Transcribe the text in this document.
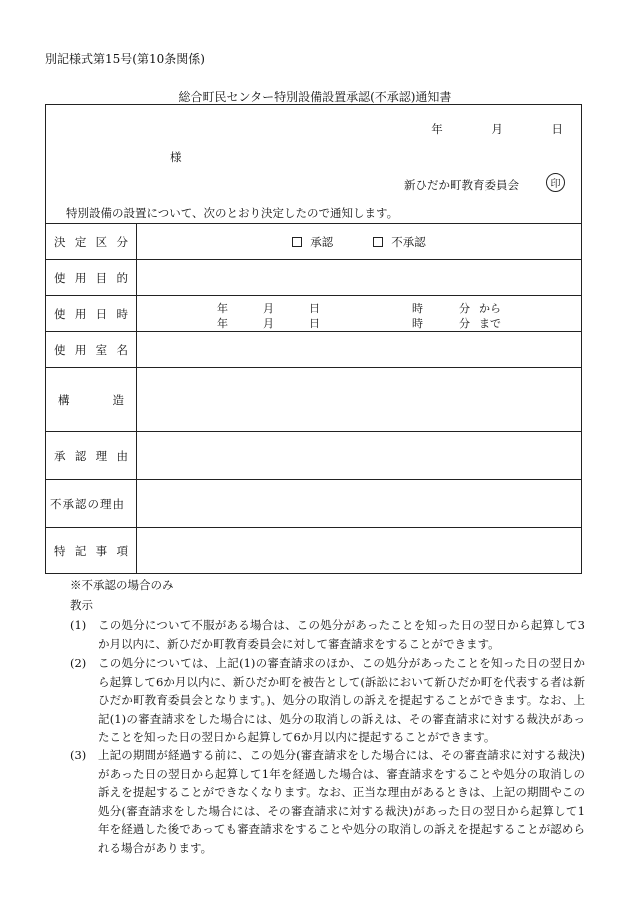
別記様式第15号(第10条関係)
総合町民センター特別設備設置承認(不承認)通知書
年	月	日
様
新ひだか町教育委員会	印
特別設備の設置について、次のとおり決定したので通知します。
決 定 区 分	承認	不承認
使 用 目 的
使 用 日 時	年	月	日	時	分 から
年	月	日	時	分 まで
使 用 室 名
構	造
承 認 理 由
不承認の理由
特 記 事 項
※不承認の場合のみ
教示
(1) この処分について不服がある場合は、この処分があったことを知った日の翌日から起算して3か月以内に、新ひだか町教育委員会に対して審査請求をすることができます。
(2) この処分については、上記(1)の審査請求のほか、この処分があったことを知った日の翌日から起算して6か月以内に、新ひだか町を被告として(訴訟において新ひだか町を代表する者は新ひだか町教育委員会となります。)、処分の取消しの訴えを提起することができます。なお、上記(1)の審査請求をした場合には、処分の取消しの訴えは、その審査請求に対する裁決があったことを知った日の翌日から起算して6か月以内に提起することができます。
(3) 上記の期間が経過する前に、この処分(審査請求をした場合には、その審査請求に対する裁決)があった日の翌日から起算して1年を経過した場合は、審査請求をすることや処分の取消しの訴えを提起することができなくなります。なお、正当な理由があるときは、上記の期間やこの処分(審査請求をした場合には、その審査請求に対する裁決)があった日の翌日から起算して1年を経過した後であっても審査請求をすることや処分の取消しの訴えを提起することが認められる場合があります。
